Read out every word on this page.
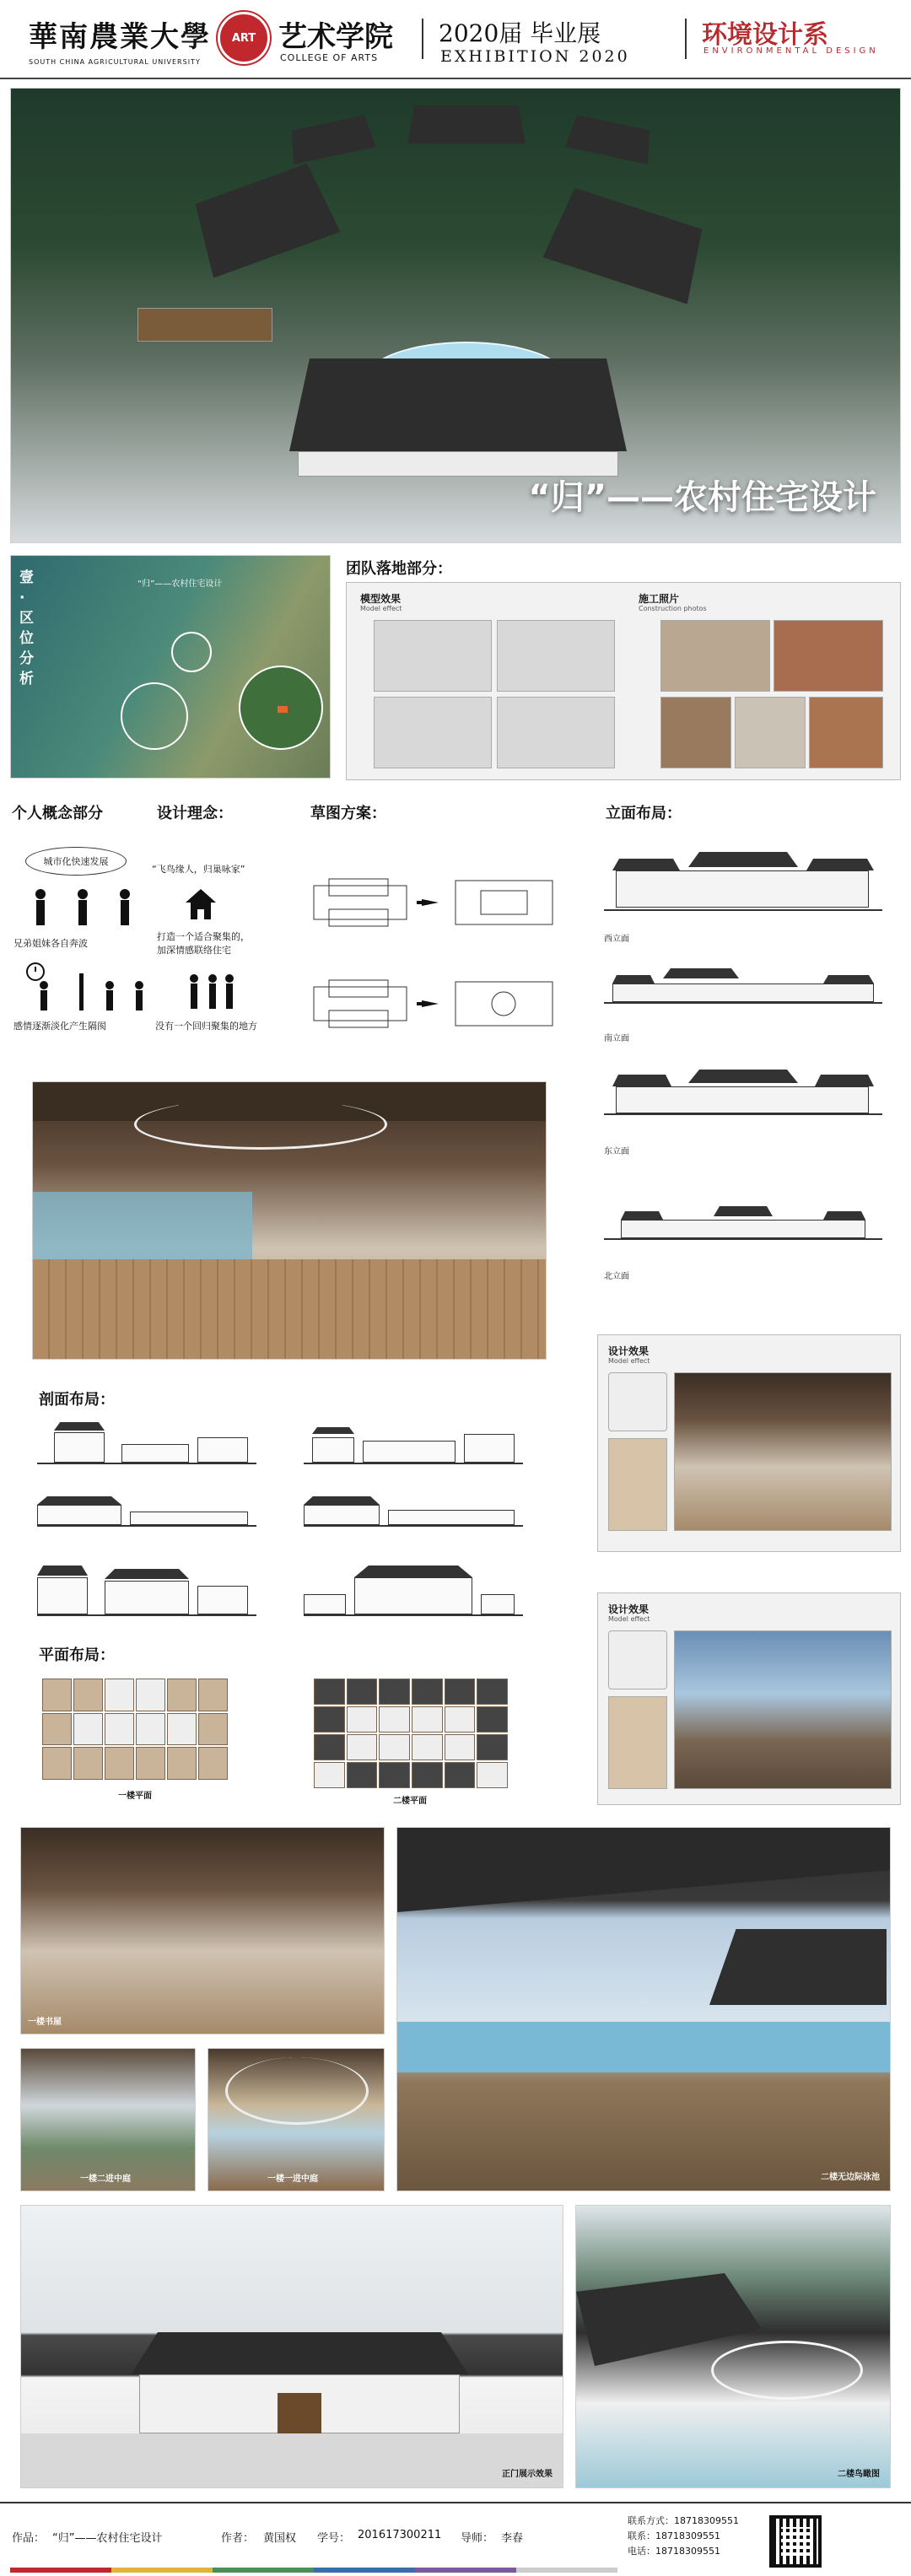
華南農業大學
SOUTH CHINA AGRICULTURAL UNIVERSITY
ART 艺术学院
COLLEGE OF ARTS
2020届 毕业展
EXHIBITION 2020
环境设计系
ENVIRONMENTAL DESIGN
“归”——农村住宅设计
壹·区位分析
“归”——农村住宅设计
团队落地部分：
模型效果
Model effect
施工照片
Construction photos
个人概念部分
城市化快速发展
兄弟姐妹各自奔波
感情逐渐淡化产生隔阂
设计理念：
“飞鸟缘人，归巢咏家”
打造一个适合聚集的，
加深情感联络住宅
没有一个回归聚集的地方
草图方案：	立面布局：
西立面
南立面
东立面
北立面
剖面布局：
平面布局：
一楼平面
二楼平面
设计效果
Model effect
设计效果
Model effect
一楼书屋
二楼无边际泳池
一楼二进中庭	一楼一进中庭
正门展示效果	二楼鸟瞰图
作品： “归”——农村住宅设计	作者： 黄国权 学号： 201617300211 导师： 李春
联系方式：18718309551
联系：18718309551
电话：18718309551
